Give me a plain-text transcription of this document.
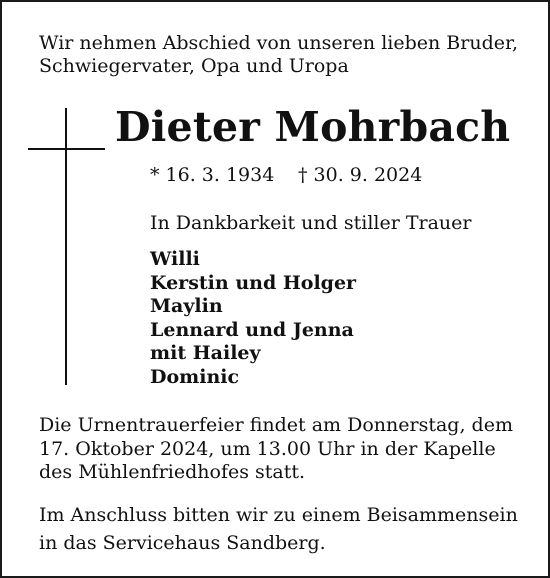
Wir nehmen Abschied von unseren lieben Bruder,
Schwiegervater, Opa und Uropa
Dieter Mohrbach
* 16. 3. 1934 † 30. 9. 2024
In Dankbarkeit und stiller Trauer
Willi
Kerstin und Holger
Maylin
Lennard und Jenna
mit Hailey
Dominic
Die Urnentrauerfeier findet am Donnerstag, dem
17. Oktober 2024, um 13.00 Uhr in der Kapelle
des Mühlenfriedhofes statt.
Im Anschluss bitten wir zu einem Beisammensein
in das Servicehaus Sandberg.
